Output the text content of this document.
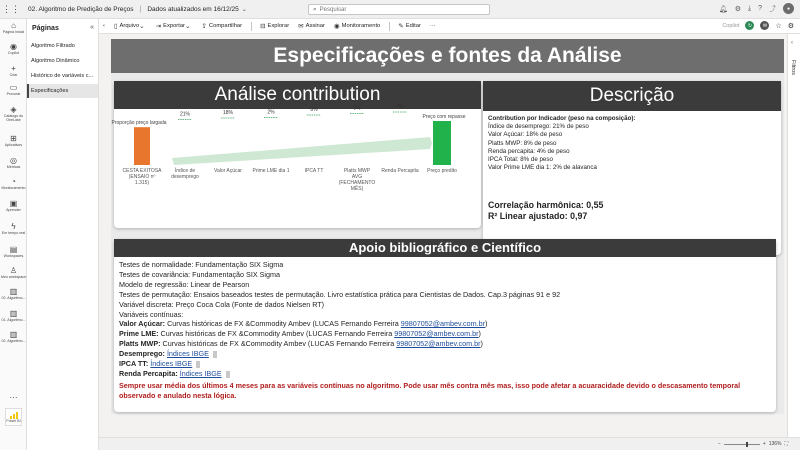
⋮⋮	02. Algoritmo de Predição de Preços | Dados atualizados em 16/12/25 ⌄	⌕ Pesquisar	🔔︎ ⚙ ⤓ ? ⤴	●
⌂
Página Inicial
◉
Copilot
+
Criar
▭
Procurar
◈
Catálogo do OneLake
⊞
Aplicativos
◎
Métricas
◔
Monitoramento
▣
Aprender
ϟ
Em tempo real
▤
Workspaces
♙
Meu workspace
▥
02. Algoritmo...
▥
01. Algoritmo...
▥
02. Algoritmo...
···
Power BI
Páginas	«
Algoritmo Filtrado
Algoritmo Dinâmico
Histórico de variáveis c...
Especificações
‹ ▯ Arquivo ⌄ ⇥ Exportar ⌄ ⇪ Compartilhar	⊟ Explorar ✉ Assinar ◉ Monitoramento	✎ Editar ···	Copilot	↻	✉	☆ ⚙
Especificações e fontes da Análise
Análise contribution
Proporção preço largada
21%	18%	2%	8%	8%	4%
Preço com repasse
CESTA EXITOSA (ENSAIO nº 1.315)
Índice de desemprego
Valor Açúcar Prime LME dia 1	IPCA TT	Platts MWP AVG (FECHAMENTO MÊS)
Renda Percapita Preço predito
Descrição
Contribution por Indicador (peso na composição):
Índice de desemprego: 21% de peso
Valor Açúcar: 18% de peso
Platts MWP: 8% de peso
Renda percapita: 4% de peso
IPCA Total: 8% de peso
Valor Prime LME dia 1: 2% de alavanca
Correlação harmônica: 0,55
R² Linear ajustado: 0,97
Apoio bibliográfico e Científico
Testes de normalidade: Fundamentação SIX Sigma
Testes de covariância: Fundamentação SIX Sigma
Modelo de regressão: Linear de Pearson
Testes de permutação: Ensaios baseados testes de permutação. Livro estatística prática para Cientistas de Dados. Cap.3 páginas 91 e 92
Variável discreta: Preço Coca Cola (Fonte de dados Nielsen RT)
Variáveis contínuas:
Valor Açúcar: Curvas históricas de FX &Commodity Ambev (LUCAS Fernando Ferreira 99807052@ambev.com.br)
Prime LME: Curvas históricas de FX &Commodity Ambev (LUCAS Fernando Ferreira 99807052@ambev.com.br)
Platts MWP: Curvas históricas de FX &Commodity Ambev (LUCAS Fernando Ferreira 99807052@ambev.com.br)
Desemprego: Índices IBGE
IPCA TT: Índices IBGE
Renda Percapita: Índices IBGE
Sempre usar média dos últimos 4 meses para as variáveis contínuas no algoritmo. Pode usar mês contra mês mas, isso pode afetar a acuaracidade devido o descasamento temporal observado e anulado nesta lógica.
‹
Filtros
−	+ 136% ⛶
